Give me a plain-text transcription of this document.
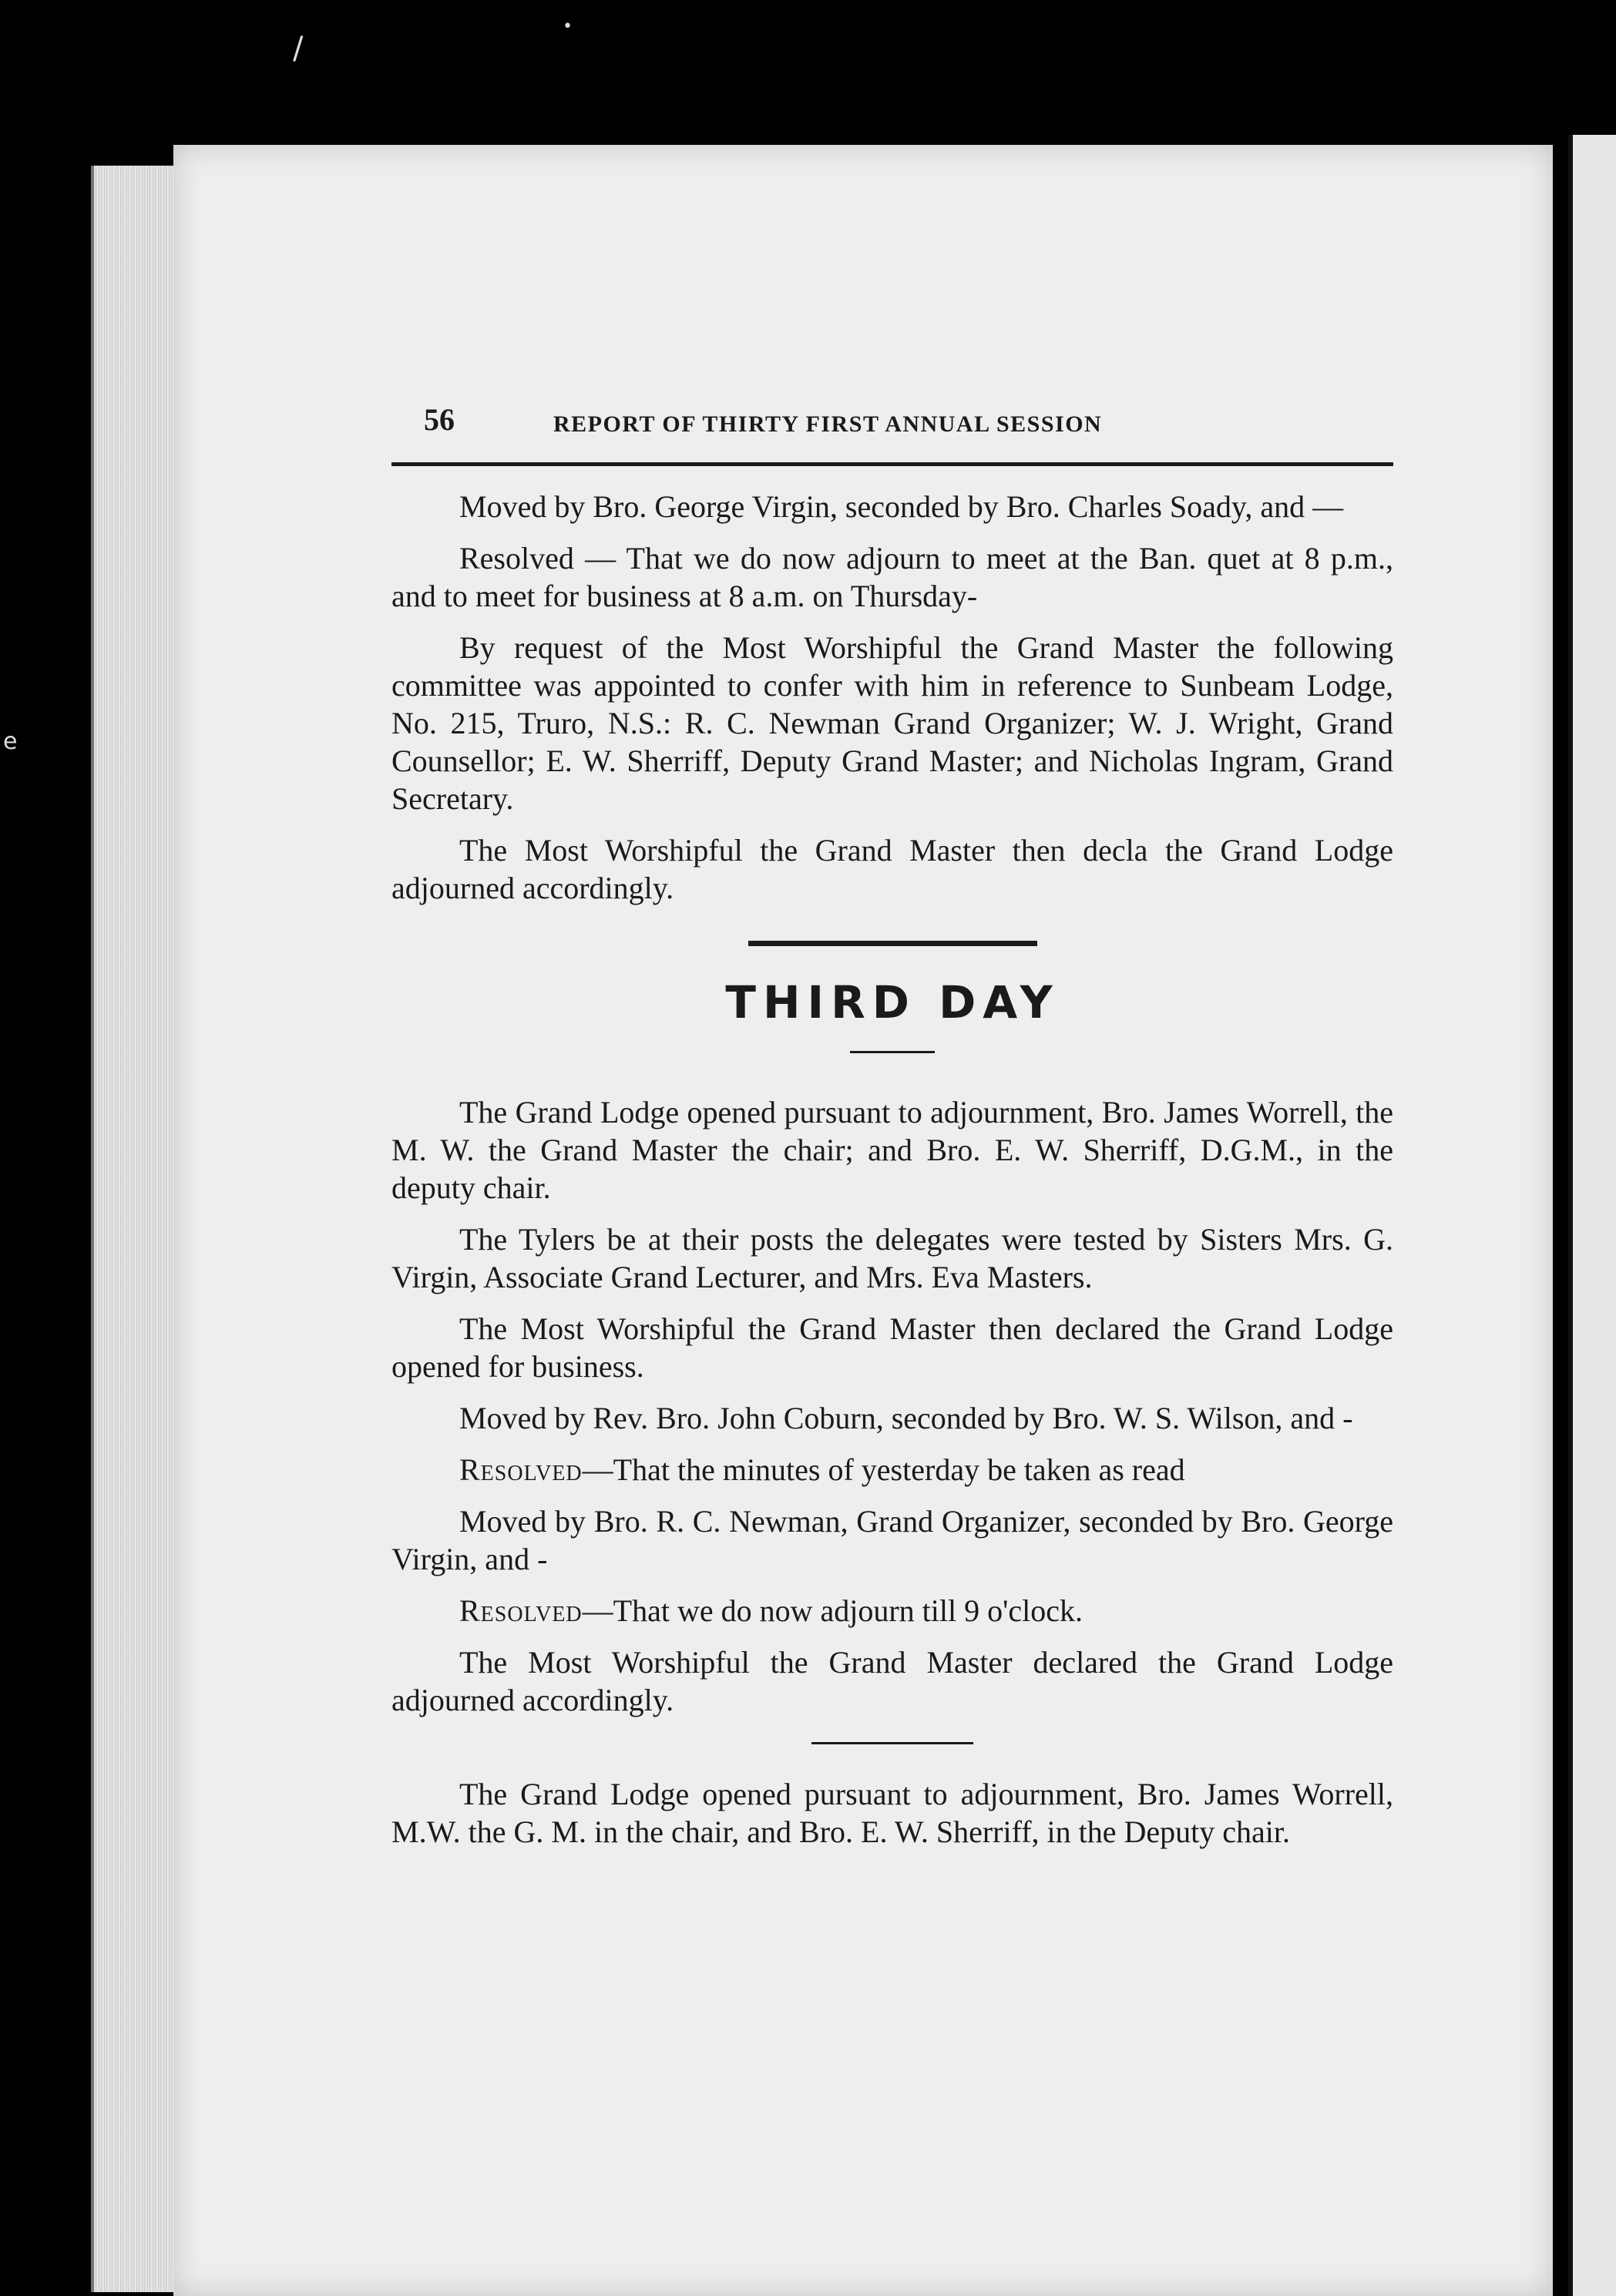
/
•
e
56	REPORT OF THIRTY FIRST ANNUAL SESSION

Moved by Bro. George Virgin, seconded by Bro. Charles Soady, and —

Resolved — That we do now adjourn to meet at the Ban. quet at 8 p.m., and to meet for business at 8 a.m. on Thursday-

By request of the Most Worshipful the Grand Master the following committee was appointed to confer with him in reference to Sunbeam Lodge, No. 215, Truro, N.S.: R. C. Newman Grand Organizer; W. J. Wright, Grand Counsellor; E. W. Sherriff, Deputy Grand Master; and Nicholas Ingram, Grand Secretary.

The Most Worshipful the Grand Master then decla the Grand Lodge adjourned accordingly.

THIRD DAY

The Grand Lodge opened pursuant to adjournment, Bro. James Worrell, the M. W. the Grand Master the chair; and Bro. E. W. Sherriff, D.G.M., in the deputy chair.

The Tylers be at their posts the delegates were tested by Sisters Mrs. G. Virgin, Associate Grand Lecturer, and Mrs. Eva Masters.

The Most Worshipful the Grand Master then declared the Grand Lodge opened for business.

Moved by Rev. Bro. John Coburn, seconded by Bro. W. S. Wilson, and -

Resolved—That the minutes of yesterday be taken as read

Moved by Bro. R. C. Newman, Grand Organizer, seconded by Bro. George Virgin, and -

Resolved—That we do now adjourn till 9 o'clock.

The Most Worshipful the Grand Master declared the Grand Lodge adjourned accordingly.

The Grand Lodge opened pursuant to adjournment, Bro. James Worrell, M.W. the G. M. in the chair, and Bro. E. W. Sherriff, in the Deputy chair.
